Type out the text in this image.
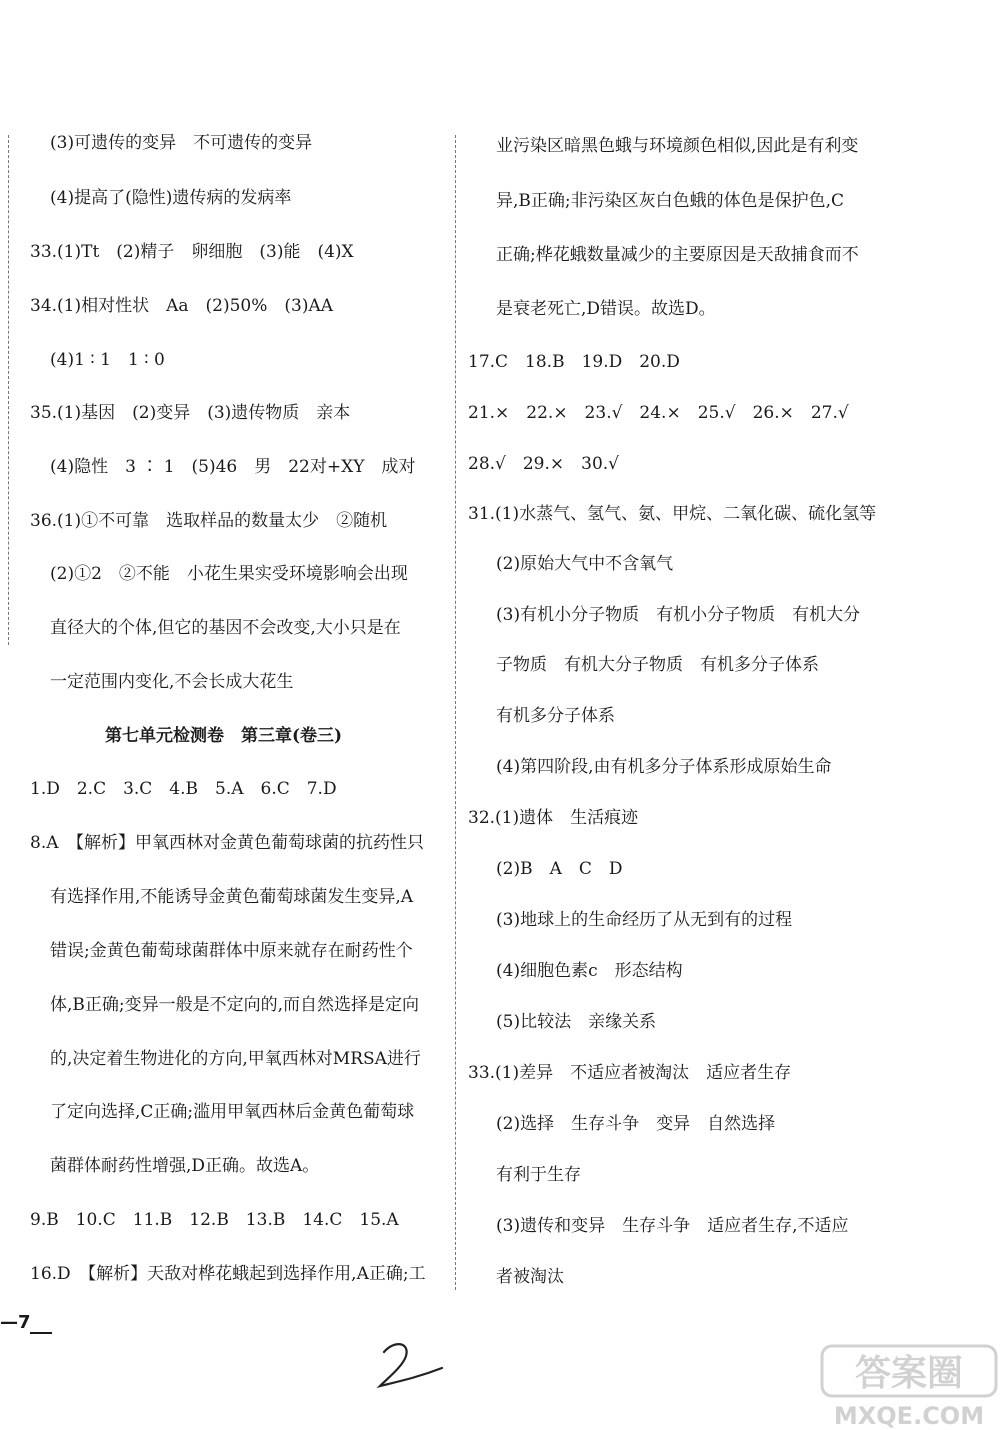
(3)可遗传的变异　不可遗传的变异
(4)提高了(隐性)遗传病的发病率
33.(1)Tt　(2)精子　卵细胞　(3)能　(4)X
34.(1)相对性状　Aa　(2)50%　(3)AA
(4)1 ∶ 1　1 ∶ 0
35.(1)基因　(2)变异　(3)遗传物质　亲本
(4)隐性　3 ∶ 1　(5)46　男　22对+XY　成对
36.(1)①不可靠　选取样品的数量太少　②随机
(2)①2　②不能　小花生果实受环境影响会出现
直径大的个体,但它的基因不会改变,大小只是在
一定范围内变化,不会长成大花生
第七单元检测卷　第三章(卷三)
1.D　2.C　3.C　4.B　5.A　6.C　7.D
8.A　【解析】甲氧西林对金黄色葡萄球菌的抗药性只
有选择作用,不能诱导金黄色葡萄球菌发生变异,A
错误;金黄色葡萄球菌群体中原来就存在耐药性个
体,B正确;变异一般是不定向的,而自然选择是定向
的,决定着生物进化的方向,甲氧西林对MRSA进行
了定向选择,C正确;滥用甲氧西林后金黄色葡萄球
菌群体耐药性增强,D正确。故选A。
9.B　10.C　11.B　12.B　13.B　14.C　15.A
16.D　【解析】天敌对桦花蛾起到选择作用,A正确;工
业污染区暗黑色蛾与环境颜色相似,因此是有利变
异,B正确;非污染区灰白色蛾的体色是保护色,C
正确;桦花蛾数量减少的主要原因是天敌捕食而不
是衰老死亡,D错误。故选D。
17.C　18.B　19.D　20.D
21.×　22.×　23.√　24.×　25.√　26.×　27.√
28.√　29.×　30.√
31.(1)水蒸气、氢气、氨、甲烷、二氧化碳、硫化氢等
(2)原始大气中不含氧气
(3)有机小分子物质　有机小分子物质　有机大分
子物质　有机大分子物质　有机多分子体系
有机多分子体系
(4)第四阶段,由有机多分子体系形成原始生命
32.(1)遗体　生活痕迹
(2)B　A　C　D
(3)地球上的生命经历了从无到有的过程
(4)细胞色素c　形态结构
(5)比较法　亲缘关系
33.(1)差异　不适应者被淘汰　适应者生存
(2)选择　生存斗争　变异　自然选择
有利于生存
(3)遗传和变异　生存斗争　适应者生存,不适应
者被淘汰
—7
答案圈
MXQE.COM
